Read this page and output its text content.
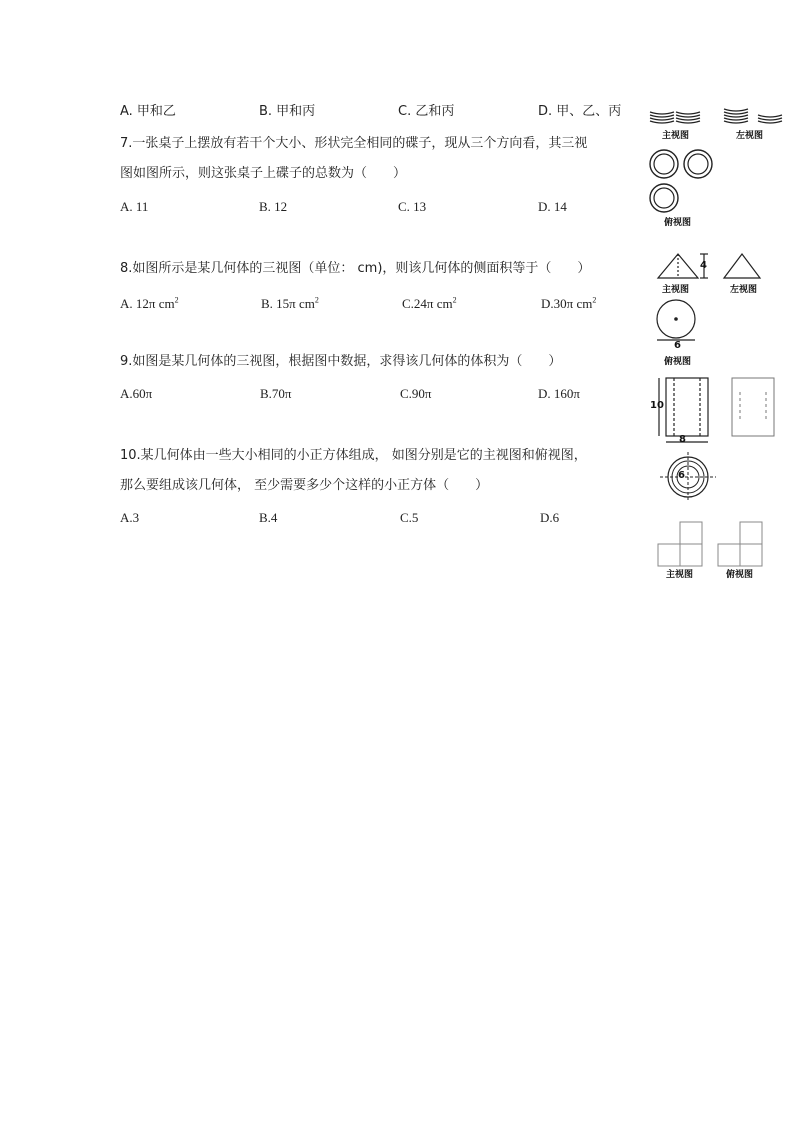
A. 甲和乙	B. 甲和丙	C. 乙和丙	D. 甲、乙、丙
7.一张桌子上摆放有若干个大小、形状完全相同的碟子，现从三个方向看，其三视
图如图所示，则这张桌子上碟子的总数为（　　）
A. 11	B. 12	C. 13	D. 14
主视图	左视图
俯视图
8.如图所示是某几何体的三视图（单位： cm)，则该几何体的侧面积等于（　　）
A. 12π $cm^2$	B. 15π $cm^2$	C.24π $cm^2$	D.30π $cm^2$
4
6
主视图	左视图
俯视图
9.如图是某几何体的三视图，根据图中数据，求得该几何体的体积为（　　）
A.60π	B.70π	C.90π	D. 160π
10
8
6
10.某几何体由一些大小相同的小正方体组成， 如图分别是它的主视图和俯视图，
那么要组成该几何体， 至少需要多少个这样的小正方体（　　）
A.3	B.4	C.5	D.6
主视图	俯视图
